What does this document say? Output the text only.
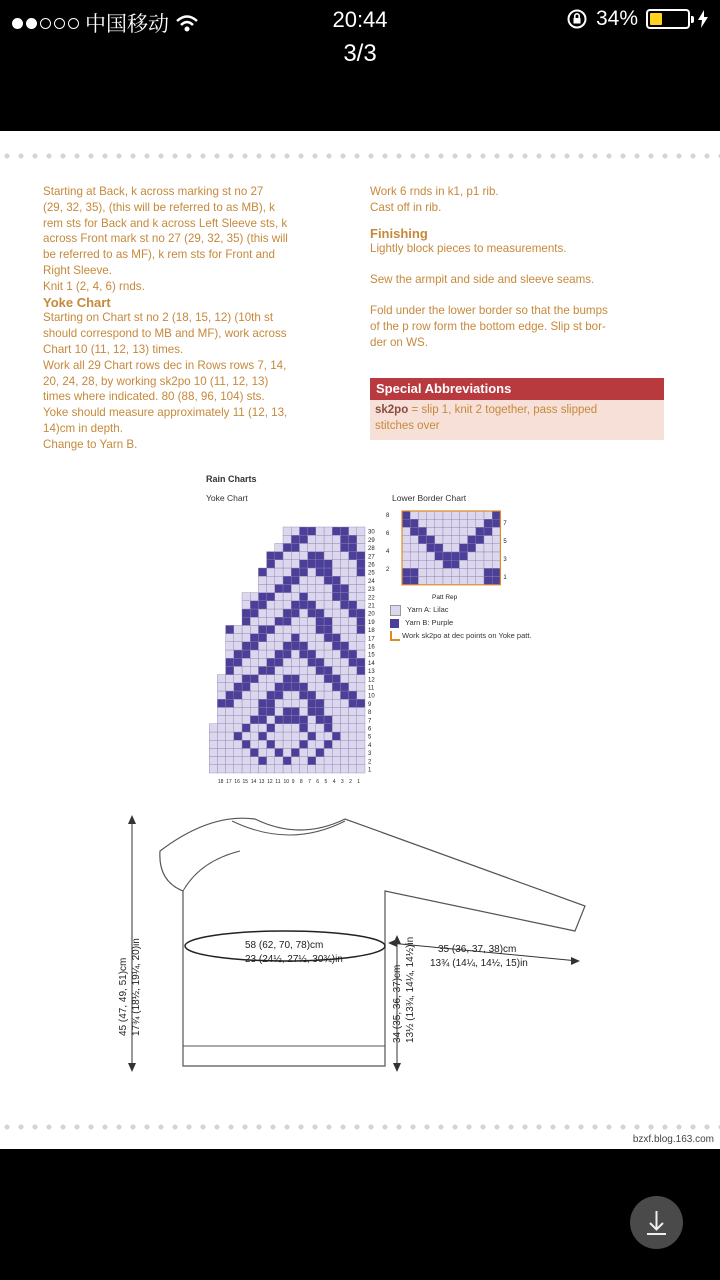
中国移动	20:44	34%
3/3

Starting at Back, k across marking st no 27

(29, 32, 35), (this will be referred to as MB), k

rem sts for Back and k across Left Sleeve sts, k

across Front mark st no 27 (29, 32, 35) (this will

be referred to as MF), k rem sts for Front and

Right Sleeve.

Knit 1 (2, 4, 6) rnds.

Yoke Chart

Starting on Chart st no 2 (18, 15, 12) (10th st

should correspond to MB and MF), work across

Chart 10 (11, 12, 13) times.

Work all 29 Chart rows dec in Rows rows 7, 14,

20, 24, 28, by working sk2po 10 (11, 12, 13)

times where indicated. 80 (88, 96, 104) sts.

Yoke should measure approximately 11 (12, 13,

14)cm in depth.

Change to Yarn B.

Work 6 rnds in k1, p1 rib.

Cast off in rib.

Finishing

Lightly block pieces to measurements.

Sew the armpit and side and sleeve seams.

Fold under the lower border so that the bumps

of the p row form the bottom edge. Slip st bor-

der on WS.

Special Abbreviations
sk2po = slip 1, knit 2 together, pass slipped
stitches over
Rain Charts
Yoke Chart	Lower Border Chart
1
2
3
4
5
6
7
8
9
10
11
12
13
14
15
16
17
18
19
20
21
22
23
24
25
26
27
28
29
30
18 17 16 15 14 13 12 11 10 9 8 7 6 5 4 3 2 1
8
6
4
2
7
5
3
1
Patt Rep
Yarn A: Lilac
Yarn B: Purple
Work sk2po at dec points on Yoke patt.
58 (62, 70, 78)cm
23 (24½, 27½, 30¾)in
35 (36, 37, 38)cm
13¾ (14¼, 14½, 15)in
45 (47, 49, 51)cm 17¾ (18½, 19¼, 20)in	34 (35, 36, 37)cm 13½ (13¾, 14¼, 14½)in
bzxf.blog.163.com
